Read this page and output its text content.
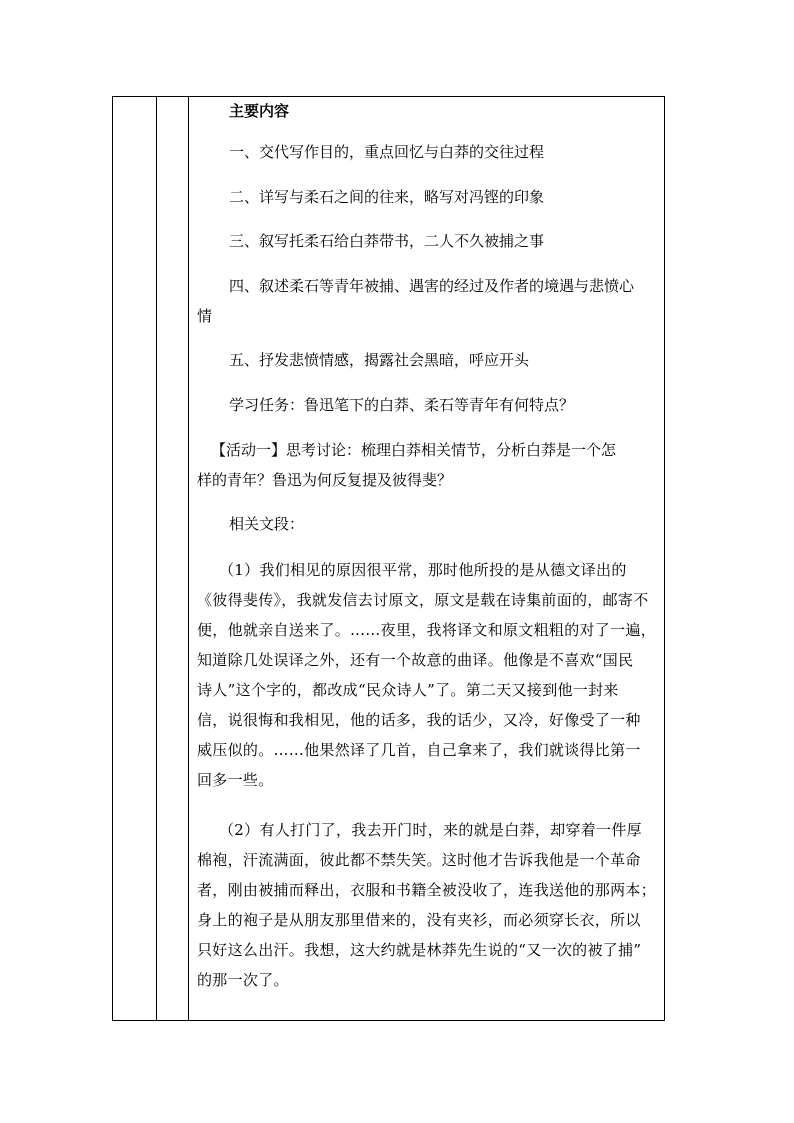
主要内容
一、交代写作目的，重点回忆与白莽的交往过程
二、详写与柔石之间的往来，略写对冯铿的印象
三、叙写托柔石给白莽带书，二人不久被捕之事
四、叙述柔石等青年被捕、遇害的经过及作者的境遇与悲愤心
情
五、抒发悲愤情感，揭露社会黑暗，呼应开头
学习任务：鲁迅笔下的白莽、柔石等青年有何特点？
【活动一】思考讨论：梳理白莽相关情节，分析白莽是一个怎
样的青年？鲁迅为何反复提及彼得斐？
相关文段：
（1）我们相见的原因很平常，那时他所投的是从德文译出的
《彼得斐传》，我就发信去讨原文，原文是载在诗集前面的，邮寄不
便，他就亲自送来了。……夜里，我将译文和原文粗粗的对了一遍，
知道除几处误译之外，还有一个故意的曲译。他像是不喜欢“国民
诗人”这个字的，都改成“民众诗人”了。第二天又接到他一封来
信，说很悔和我相见，他的话多，我的话少，又冷，好像受了一种
威压似的。……他果然译了几首，自己拿来了，我们就谈得比第一
回多一些。
（2）有人打门了，我去开门时，来的就是白莽，却穿着一件厚
棉袍，汗流满面，彼此都不禁失笑。这时他才告诉我他是一个革命
者，刚由被捕而释出，衣服和书籍全被没收了，连我送他的那两本；
身上的袍子是从朋友那里借来的，没有夹衫，而必须穿长衣，所以
只好这么出汗。我想，这大约就是林莽先生说的“又一次的被了捕”
的那一次了。
